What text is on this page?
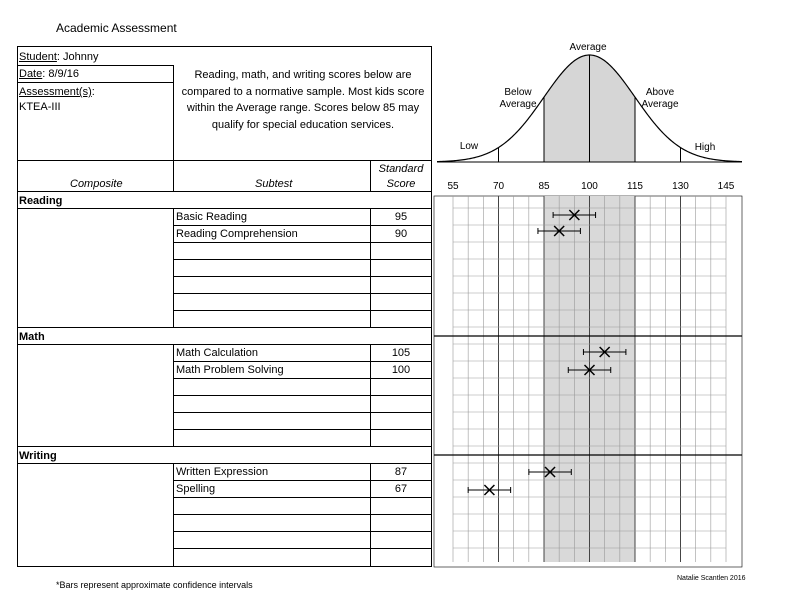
Academic Assessment
Student: Johnny
Date: 8/9/16
Assessment(s):
KTEA-III
Reading, math, and writing scores below are compared to a normative sample. Most kids score within the Average range. Scores below 85 may qualify for special education services.
Composite	Subtest
Standard
Score
Reading
Basic Reading	95
Reading Comprehension	90
Math
Math Calculation	105
Math Problem Solving	100
Writing
Written Expression	87
Spelling	67
Average
Below
Average
Above
Average
Low	High
55	70	85	100	115	130	145
*Bars represent approximate confidence intervals
Natalie Scantlen 2016
